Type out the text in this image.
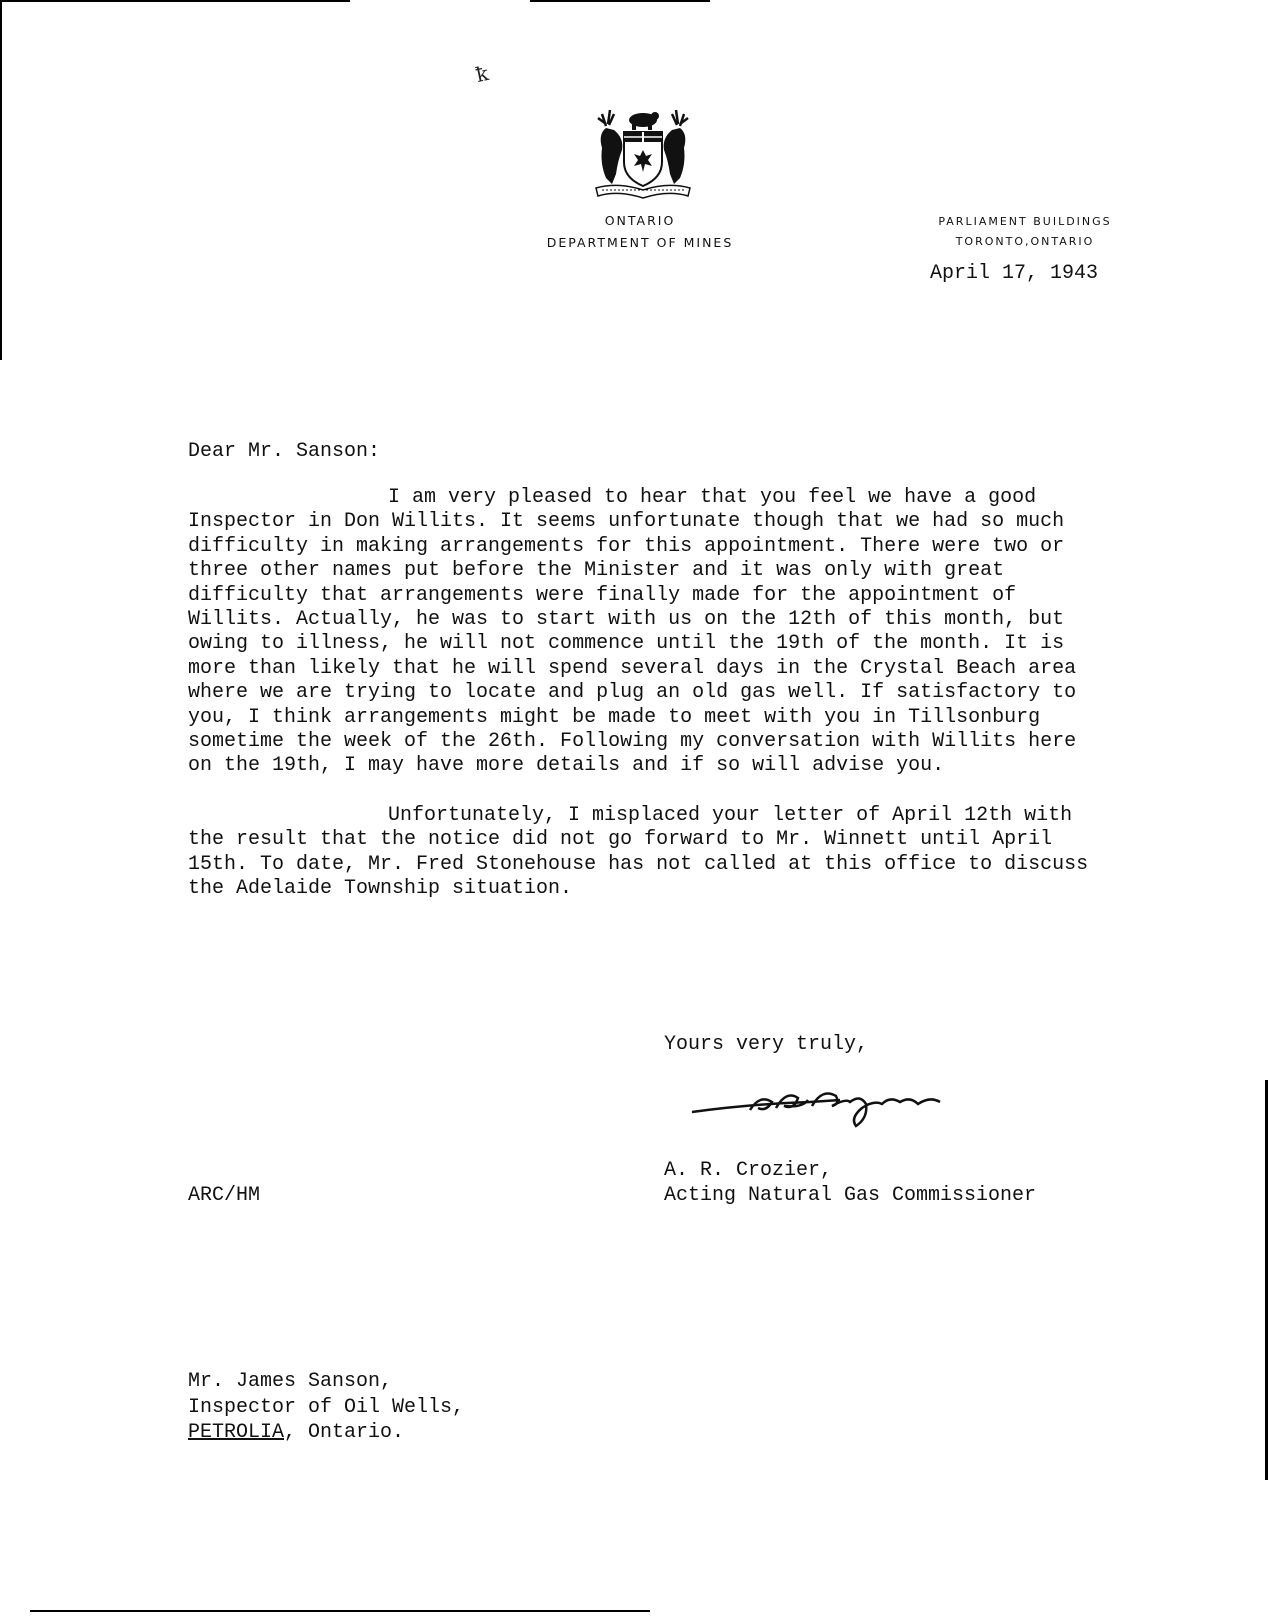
ꝁ
ONTARIO
DEPARTMENT OF MINES
PARLIAMENT BUILDINGS
TORONTO,ONTARIO
April 17, 1943
Dear Mr. Sanson:

I am very pleased to hear that you feel we have a good Inspector in Don Willits. It seems unfortunate though that we had so much difficulty in making arrangements for this appointment. There were two or three other names put before the Minister and it was only with great difficulty that arrangements were finally made for the appointment of Willits. Actually, he was to start with us on the 12th of this month, but owing to illness, he will not commence until the 19th of the month. It is more than likely that he will spend several days in the Crystal Beach area where we are trying to locate and plug an old gas well. If satisfactory to you, I think arrangements might be made to meet with you in Tillsonburg sometime the week of the 26th. Following my conversation with Willits here on the 19th, I may have more details and if so will advise you.

Unfortunately, I misplaced your letter of April 12th with the result that the notice did not go forward to Mr. Winnett until April 15th. To date, Mr. Fred Stonehouse has not called at this office to discuss the Adelaide Township situation.

Yours very truly,
A. R. Crozier,
Acting Natural Gas Commissioner
ARC/HM
Mr. James Sanson,
Inspector of Oil Wells,
PETROLIA, Ontario.
